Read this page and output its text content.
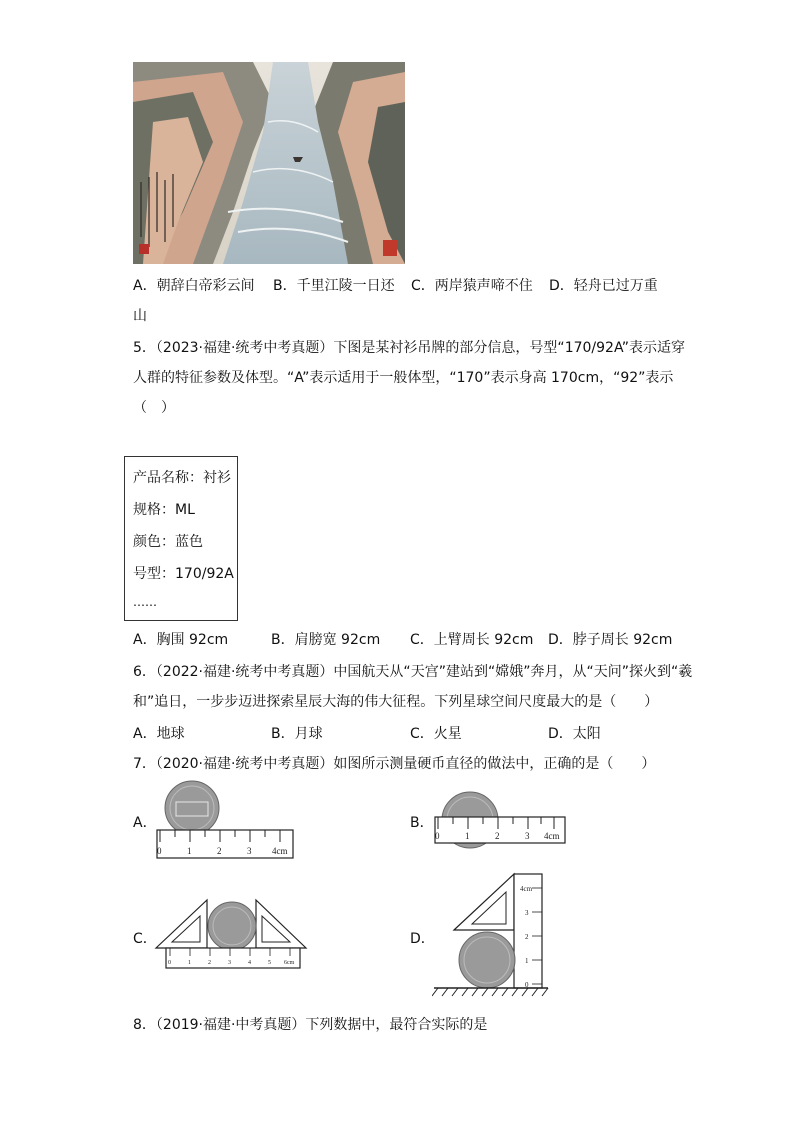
A．朝辞白帝彩云间 B．千里江陵一日还 C．两岸猿声啼不住 D．轻舟已过万重
山
5．（2023·福建·统考中考真题）下图是某衬衫吊牌的部分信息，号型“170/92A”表示适穿
人群的特征参数及体型。“A”表示适用于一般体型，“170”表示身高 170cm，“92”表示
（　）
产品名称：衬衫
规格：ML
颜色：蓝色
号型：170/92A
……
A．胸围 92cm	B．肩膀宽 92cm C．上臂周长 92cm D．脖子周长 92cm
6．（2022·福建·统考中考真题）中国航天从“天宫”建站到“嫦娥”奔月，从“天问”探火到“羲
和”追日，一步步迈进探索星辰大海的伟大征程。下列星球空间尺度最大的是（　　）
A．地球	B．月球	C．火星	D．太阳
7．（2020·福建·统考中考真题）如图所示测量硬币直径的做法中，正确的是（　　）
A．
0	1	2	3 4cm
B．
0	1	2	3 4cm
C．
0	1	2	3	4	5 6cm
D．
0
1
2
3
4cm
8．（2019·福建·中考真题）下列数据中，最符合实际的是
